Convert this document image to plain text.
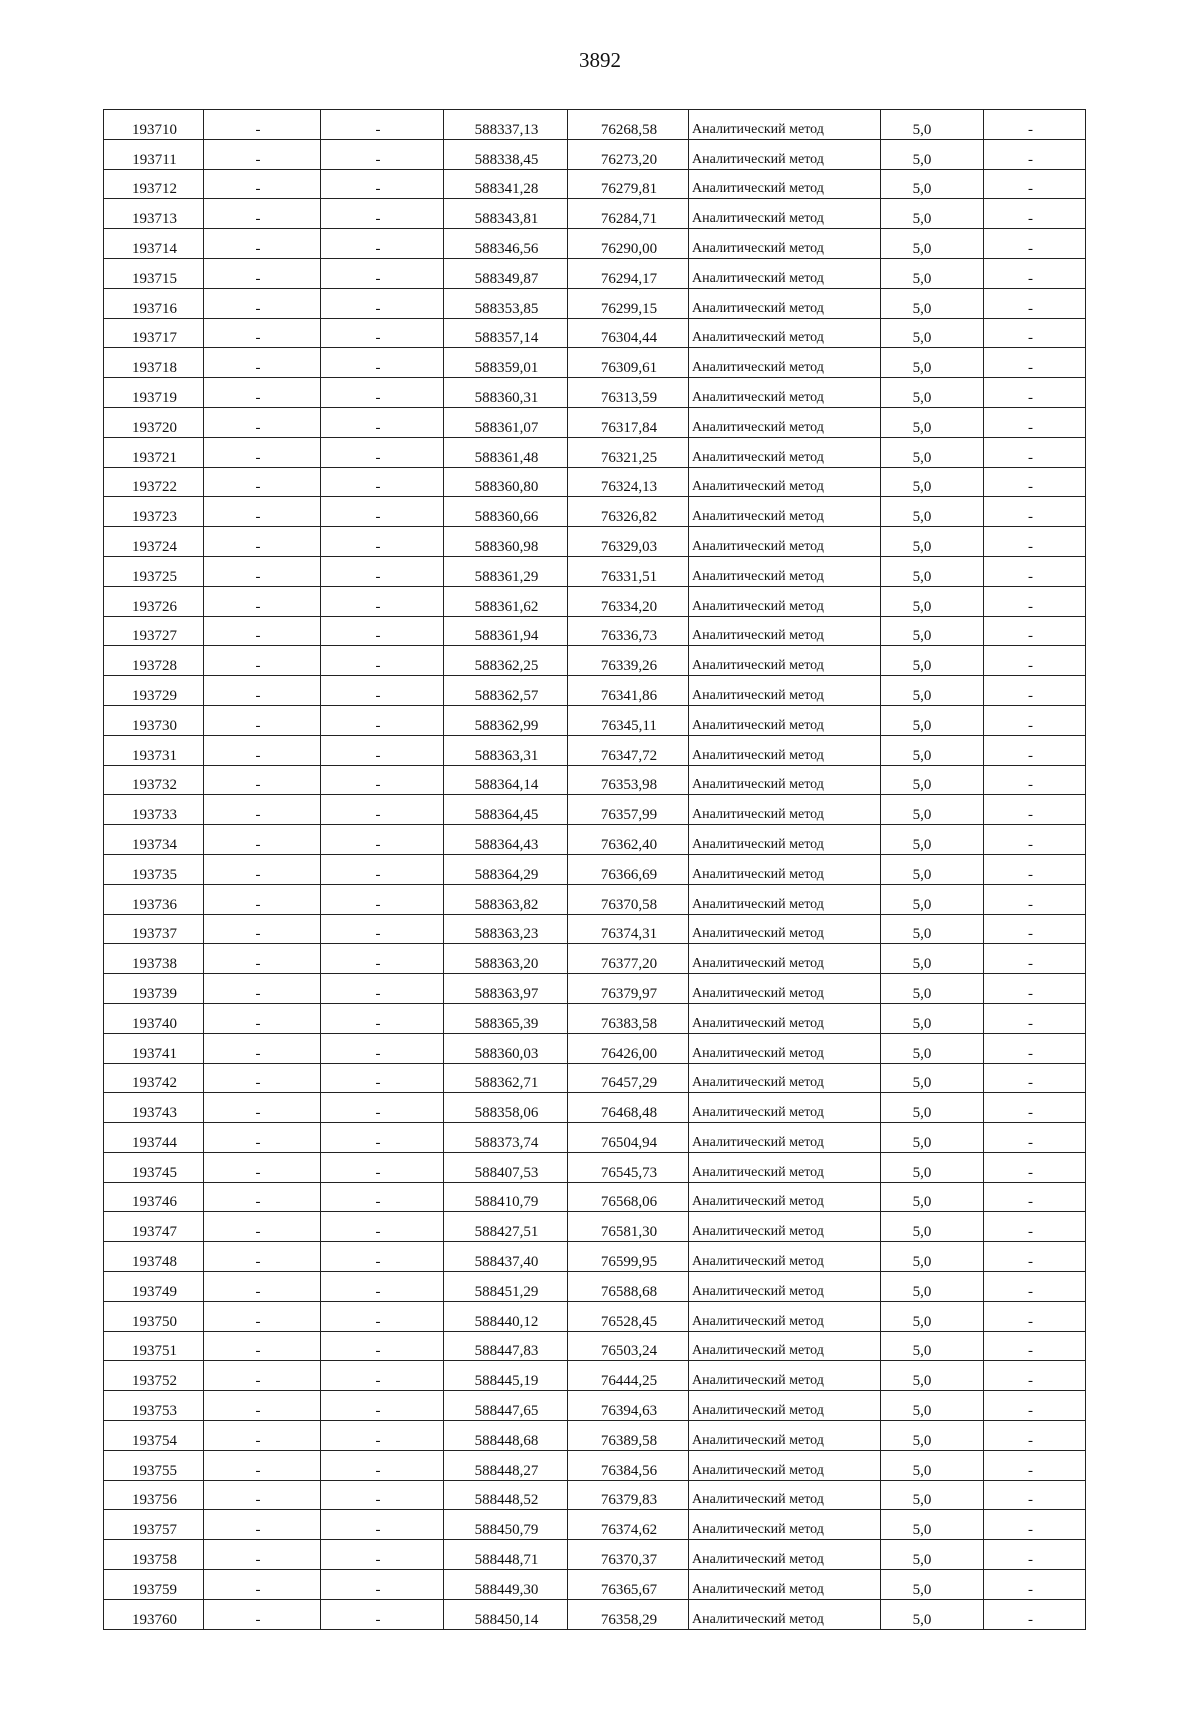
3892
193710	-	-	588337,13	76268,58	Аналитический метод	5,0	-
193711	-	-	588338,45	76273,20	Аналитический метод	5,0	-
193712	-	-	588341,28	76279,81	Аналитический метод	5,0	-
193713	-	-	588343,81	76284,71	Аналитический метод	5,0	-
193714	-	-	588346,56	76290,00	Аналитический метод	5,0	-
193715	-	-	588349,87	76294,17	Аналитический метод	5,0	-
193716	-	-	588353,85	76299,15	Аналитический метод	5,0	-
193717	-	-	588357,14	76304,44	Аналитический метод	5,0	-
193718	-	-	588359,01	76309,61	Аналитический метод	5,0	-
193719	-	-	588360,31	76313,59	Аналитический метод	5,0	-
193720	-	-	588361,07	76317,84	Аналитический метод	5,0	-
193721	-	-	588361,48	76321,25	Аналитический метод	5,0	-
193722	-	-	588360,80	76324,13	Аналитический метод	5,0	-
193723	-	-	588360,66	76326,82	Аналитический метод	5,0	-
193724	-	-	588360,98	76329,03	Аналитический метод	5,0	-
193725	-	-	588361,29	76331,51	Аналитический метод	5,0	-
193726	-	-	588361,62	76334,20	Аналитический метод	5,0	-
193727	-	-	588361,94	76336,73	Аналитический метод	5,0	-
193728	-	-	588362,25	76339,26	Аналитический метод	5,0	-
193729	-	-	588362,57	76341,86	Аналитический метод	5,0	-
193730	-	-	588362,99	76345,11	Аналитический метод	5,0	-
193731	-	-	588363,31	76347,72	Аналитический метод	5,0	-
193732	-	-	588364,14	76353,98	Аналитический метод	5,0	-
193733	-	-	588364,45	76357,99	Аналитический метод	5,0	-
193734	-	-	588364,43	76362,40	Аналитический метод	5,0	-
193735	-	-	588364,29	76366,69	Аналитический метод	5,0	-
193736	-	-	588363,82	76370,58	Аналитический метод	5,0	-
193737	-	-	588363,23	76374,31	Аналитический метод	5,0	-
193738	-	-	588363,20	76377,20	Аналитический метод	5,0	-
193739	-	-	588363,97	76379,97	Аналитический метод	5,0	-
193740	-	-	588365,39	76383,58	Аналитический метод	5,0	-
193741	-	-	588360,03	76426,00	Аналитический метод	5,0	-
193742	-	-	588362,71	76457,29	Аналитический метод	5,0	-
193743	-	-	588358,06	76468,48	Аналитический метод	5,0	-
193744	-	-	588373,74	76504,94	Аналитический метод	5,0	-
193745	-	-	588407,53	76545,73	Аналитический метод	5,0	-
193746	-	-	588410,79	76568,06	Аналитический метод	5,0	-
193747	-	-	588427,51	76581,30	Аналитический метод	5,0	-
193748	-	-	588437,40	76599,95	Аналитический метод	5,0	-
193749	-	-	588451,29	76588,68	Аналитический метод	5,0	-
193750	-	-	588440,12	76528,45	Аналитический метод	5,0	-
193751	-	-	588447,83	76503,24	Аналитический метод	5,0	-
193752	-	-	588445,19	76444,25	Аналитический метод	5,0	-
193753	-	-	588447,65	76394,63	Аналитический метод	5,0	-
193754	-	-	588448,68	76389,58	Аналитический метод	5,0	-
193755	-	-	588448,27	76384,56	Аналитический метод	5,0	-
193756	-	-	588448,52	76379,83	Аналитический метод	5,0	-
193757	-	-	588450,79	76374,62	Аналитический метод	5,0	-
193758	-	-	588448,71	76370,37	Аналитический метод	5,0	-
193759	-	-	588449,30	76365,67	Аналитический метод	5,0	-
193760	-	-	588450,14	76358,29	Аналитический метод	5,0	-
